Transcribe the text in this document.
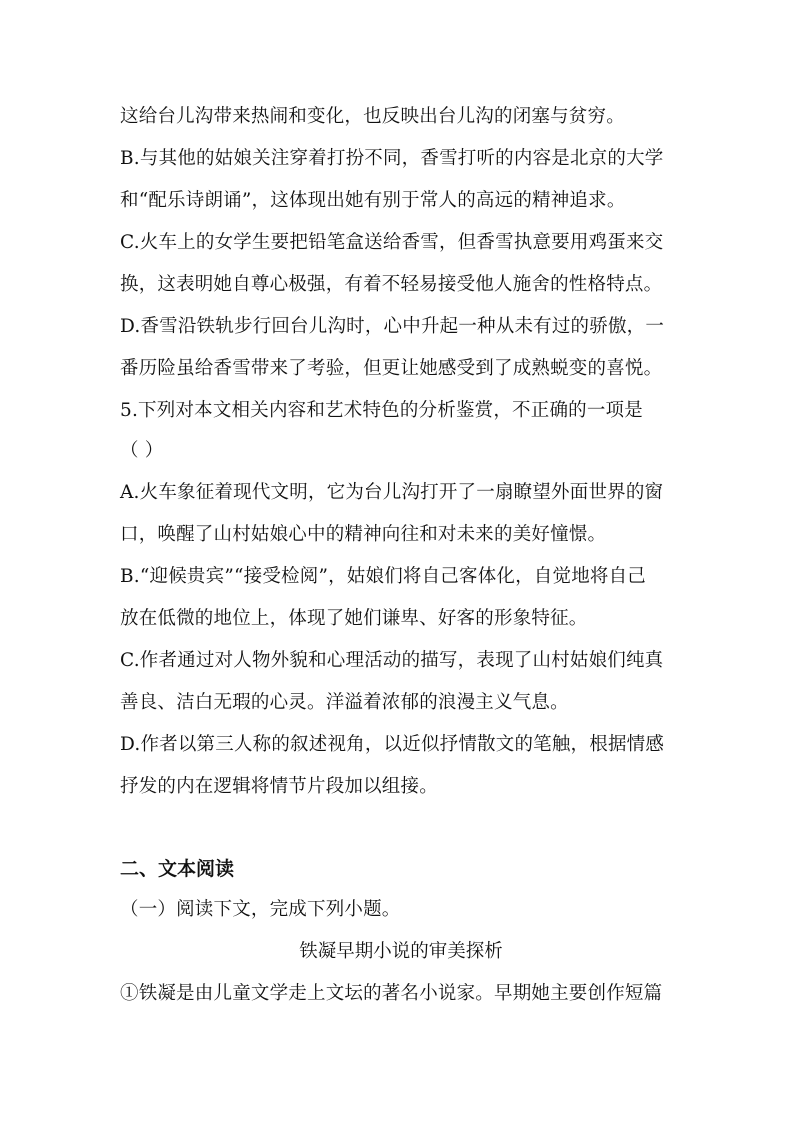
这给台儿沟带来热闹和变化，也反映出台儿沟的闭塞与贫穷。
B.与其他的姑娘关注穿着打扮不同，香雪打听的内容是北京的大学
和“配乐诗朗诵”，这体现出她有别于常人的高远的精神追求。
C.火车上的女学生要把铅笔盒送给香雪，但香雪执意要用鸡蛋来交
换，这表明她自尊心极强，有着不轻易接受他人施舍的性格特点。
D.香雪沿铁轨步行回台儿沟时，心中升起一种从未有过的骄傲，一
番历险虽给香雪带来了考验，但更让她感受到了成熟蜕变的喜悦。
5.下列对本文相关内容和艺术特色的分析鉴赏，不正确的一项是
（ ）
A.火车象征着现代文明，它为台儿沟打开了一扇瞭望外面世界的窗
口，唤醒了山村姑娘心中的精神向往和对未来的美好憧憬。
B.“迎候贵宾”“接受检阅”，姑娘们将自己客体化，自觉地将自己
放在低微的地位上，体现了她们谦卑、好客的形象特征。
C.作者通过对人物外貌和心理活动的描写，表现了山村姑娘们纯真
善良、洁白无瑕的心灵。洋溢着浓郁的浪漫主义气息。
D.作者以第三人称的叙述视角，以近似抒情散文的笔触，根据情感
抒发的内在逻辑将情节片段加以组接。
二、文本阅读
（一）阅读下文，完成下列小题。
铁凝早期小说的审美探析
①铁凝是由儿童文学走上文坛的著名小说家。早期她主要创作短篇
